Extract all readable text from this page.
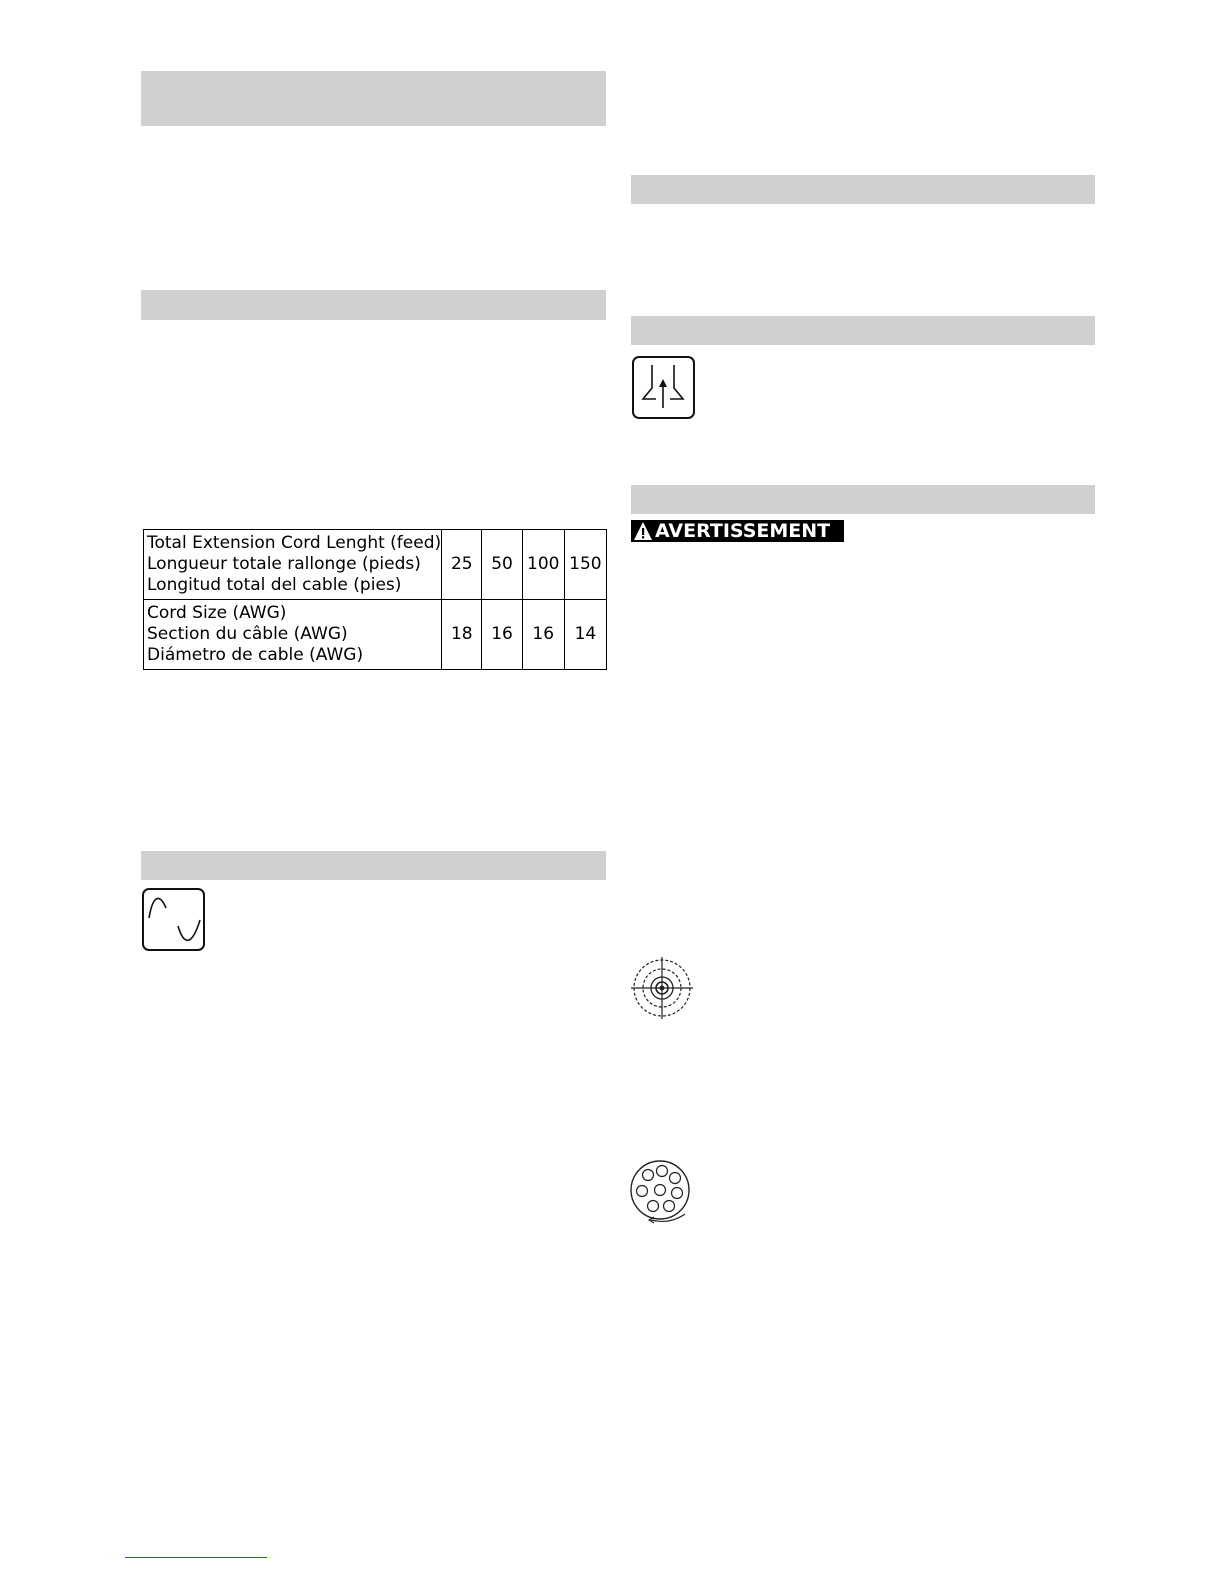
Total Extension Cord Lenght (feed)
Longueur totale rallonge (pieds)
Longitud total del cable (pies)	25	50	100	150

Cord Size (AWG)
Section du câble (AWG)
Diámetro de cable (AWG)	18	16	16	14
AVERTISSEMENT
